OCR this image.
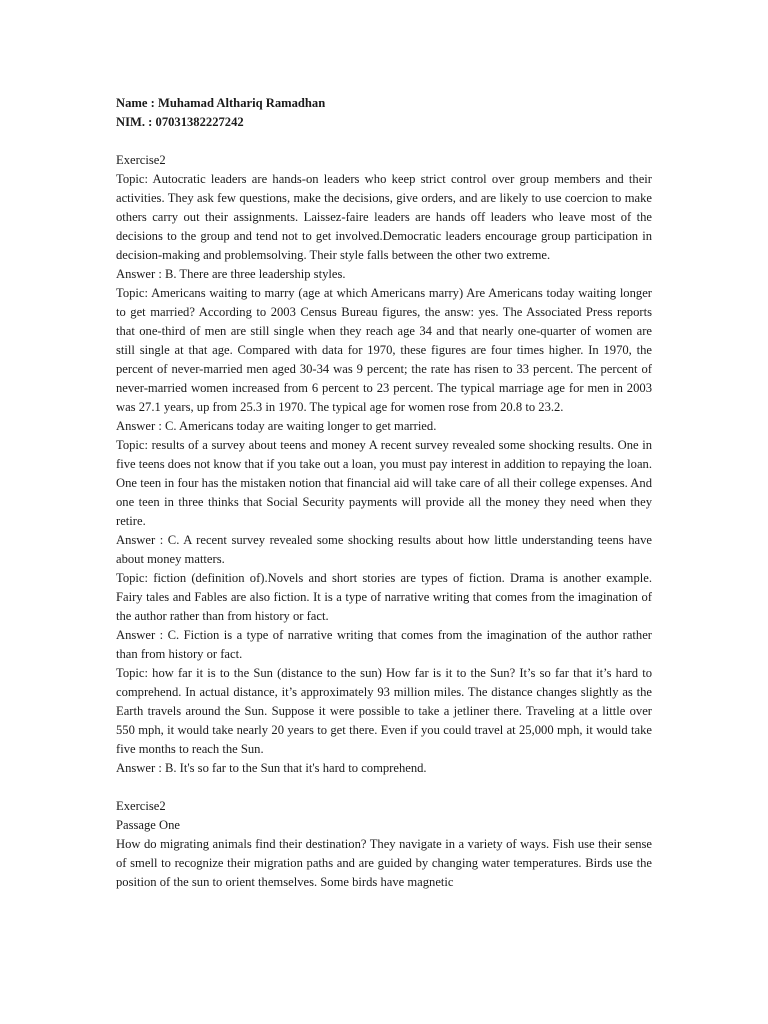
Name : Muhamad Althariq Ramadhan

NIM. : 07031382227242

Exercise2

Topic: Autocratic leaders are hands-on leaders who keep strict control over group members and their activities. They ask few questions, make the decisions, give orders, and are likely to use coercion to make others carry out their assignments. Laissez-faire leaders are hands off leaders who leave most of the decisions to the group and tend not to get involved.Democratic leaders encourage group participation in decision-making and problemsolving. Their style falls between the other two extreme.

Answer : B. There are three leadership styles.

Topic: Americans waiting to marry (age at which Americans marry) Are Americans today waiting longer to get married? According to 2003 Census Bureau figures, the answ: yes. The Associated Press reports that one-third of men are still single when they reach age 34 and that nearly one-quarter of women are still single at that age. Compared with data for 1970, these figures are four times higher. In 1970, the percent of never-married men aged 30-34 was 9 percent; the rate has risen to 33 percent. The percent of never-married women increased from 6 percent to 23 percent. The typical marriage age for men in 2003 was 27.1 years, up from 25.3 in 1970. The typical age for women rose from 20.8 to 23.2.

Answer : C. Americans today are waiting longer to get married.

Topic: results of a survey about teens and money A recent survey revealed some shocking results. One in five teens does not know that if you take out a loan, you must pay interest in addition to repaying the loan. One teen in four has the mistaken notion that financial aid will take care of all their college expenses. And one teen in three thinks that Social Security payments will provide all the money they need when they retire.

Answer : C. A recent survey revealed some shocking results about how little understanding teens have about money matters.

Topic: fiction (definition of).Novels and short stories are types of fiction. Drama is another example. Fairy tales and Fables are also fiction. It is a type of narrative writing that comes from the imagination of the author rather than from history or fact.

Answer : C. Fiction is a type of narrative writing that comes from the imagination of the author rather than from history or fact.

Topic: how far it is to the Sun (distance to the sun) How far is it to the Sun? It’s so far that it’s hard to comprehend. In actual distance, it’s approximately 93 million miles. The distance changes slightly as the Earth travels around the Sun. Suppose it were possible to take a jetliner there. Traveling at a little over 550 mph, it would take nearly 20 years to get there. Even if you could travel at 25,000 mph, it would take five months to reach the Sun.

Answer : B. It's so far to the Sun that it's hard to comprehend.

Exercise2

Passage One

How do migrating animals find their destination? They navigate in a variety of ways. Fish use their sense of smell to recognize their migration paths and are guided by changing water temperatures. Birds use the position of the sun to orient themselves. Some birds have magnetic
